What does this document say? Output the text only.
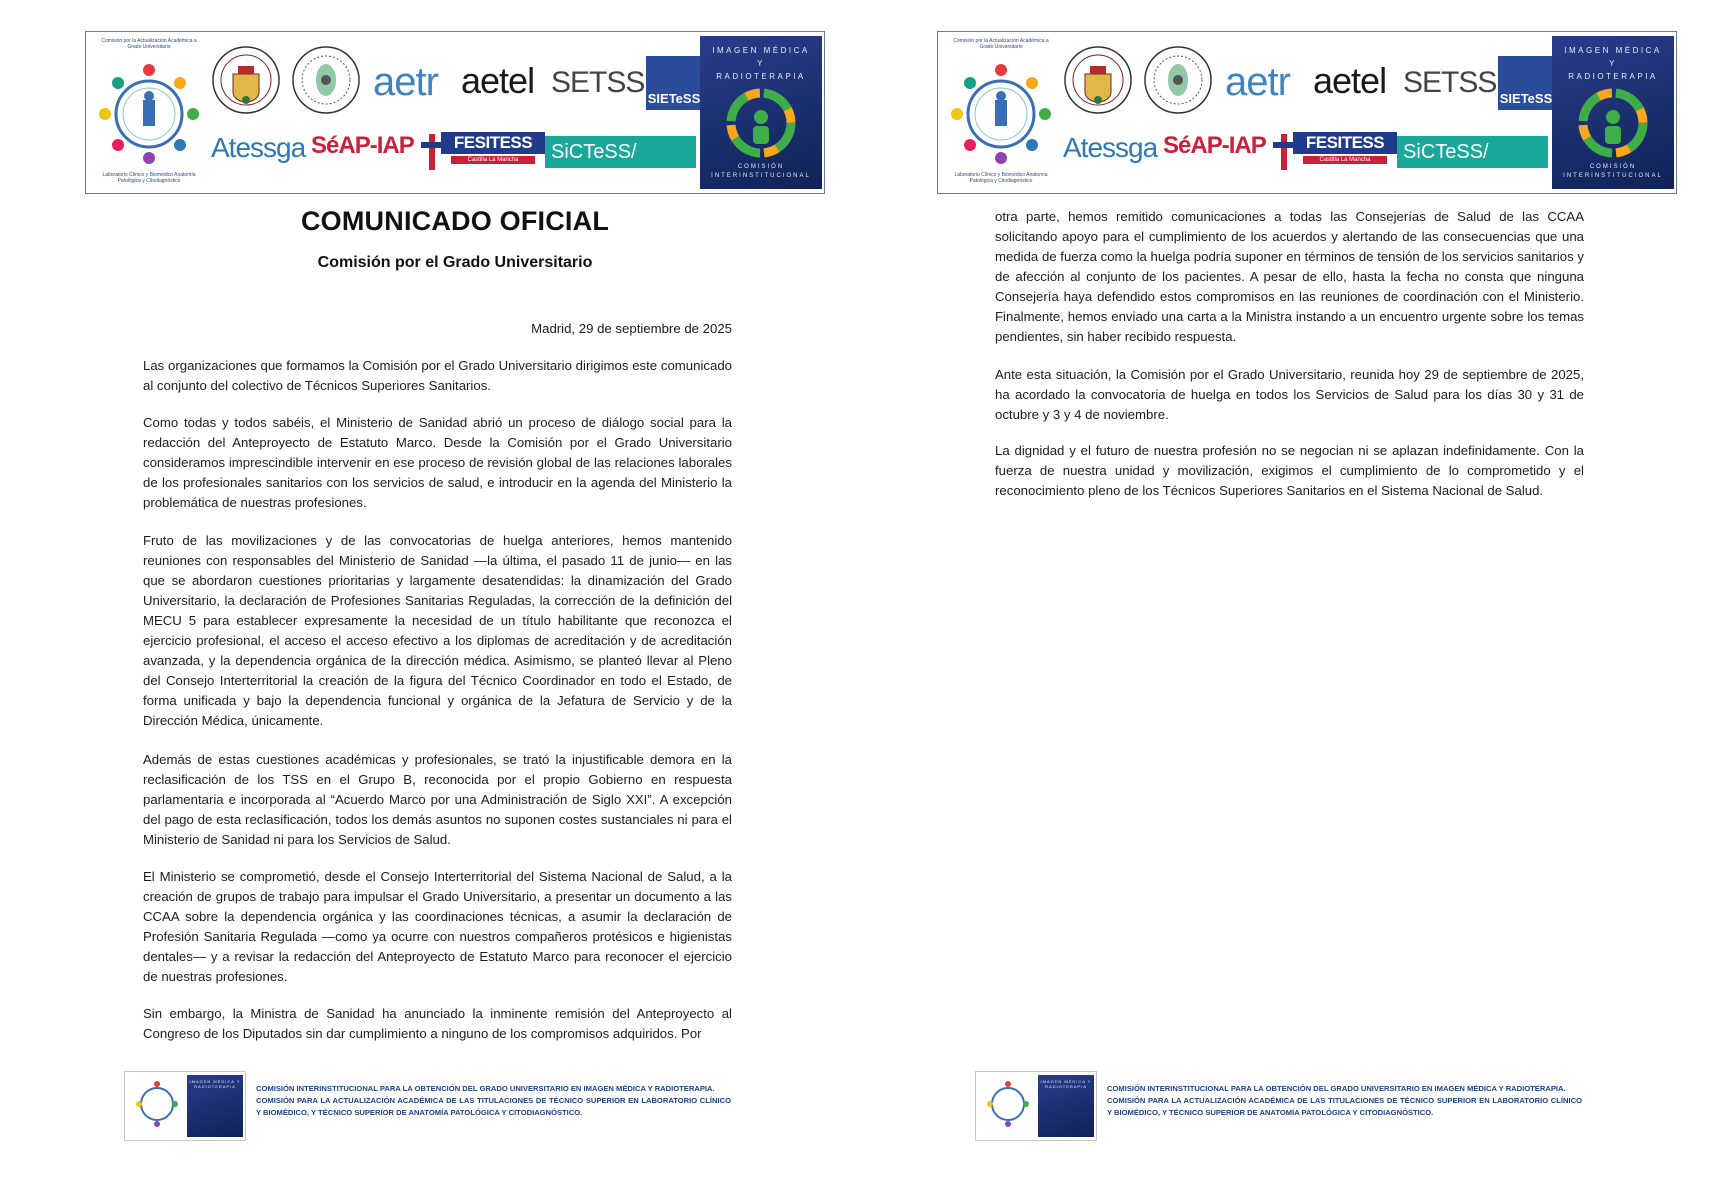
Comisión por la Actualización Académica a Grado Universitario
Laboratorio Clínico y Biomédico Anatomía Patológica y Citodiagnóstico
aetr aetel SETSS SIETeSS
Atessga SéAP-IAP	FESITESS
Castilla La Mancha	SiCTeSS/
IMAGEN MÉDICA
Y
RADIOTERAPIA
COMISIÓN
INTERINSTITUCIONAL
COMUNICADO OFICIAL
Comisión por el Grado Universitario
Madrid, 29 de septiembre de 2025

Las organizaciones que formamos la Comisión por el Grado Universitario dirigimos este comunicado al conjunto del colectivo de Técnicos Superiores Sanitarios.

Como todas y todos sabéis, el Ministerio de Sanidad abrió un proceso de diálogo social para la redacción del Anteproyecto de Estatuto Marco. Desde la Comisión por el Grado Universitario consideramos imprescindible intervenir en ese proceso de revisión global de las relaciones laborales de los profesionales sanitarios con los servicios de salud, e introducir en la agenda del Ministerio la problemática de nuestras profesiones.

Fruto de las movilizaciones y de las convocatorias de huelga anteriores, hemos mantenido reuniones con responsables del Ministerio de Sanidad —la última, el pasado 11 de junio— en las que se abordaron cuestiones prioritarias y largamente desatendidas: la dinamización del Grado Universitario, la declaración de Profesiones Sanitarias Reguladas, la corrección de la definición del MECU 5 para establecer expresamente la necesidad de un título habilitante que reconozca el ejercicio profesional, el acceso el acceso efectivo a los diplomas de acreditación y de acreditación avanzada, y la dependencia orgánica de la dirección médica. Asimismo, se planteó llevar al Pleno del Consejo Interterritorial la creación de la figura del Técnico Coordinador en todo el Estado, de forma unificada y bajo la dependencia funcional y orgánica de la Jefatura de Servicio y de la Dirección Médica, únicamente.

Además de estas cuestiones académicas y profesionales, se trató la injustificable demora en la reclasificación de los TSS en el Grupo B, reconocida por el propio Gobierno en respuesta parlamentaria e incorporada al “Acuerdo Marco por una Administración de Siglo XXI”. A excepción del pago de esta reclasificación, todos los demás asuntos no suponen costes sustanciales ni para el Ministerio de Sanidad ni para los Servicios de Salud.

El Ministerio se comprometió, desde el Consejo Interterritorial del Sistema Nacional de Salud, a la creación de grupos de trabajo para impulsar el Grado Universitario, a presentar un documento a las CCAA sobre la dependencia orgánica y las coordinaciones técnicas, a asumir la declaración de Profesión Sanitaria Regulada —como ya ocurre con nuestros compañeros protésicos e higienistas dentales— y a revisar la redacción del Anteproyecto de Estatuto Marco para reconocer el ejercicio de nuestras profesiones.

Sin embargo, la Ministra de Sanidad ha anunciado la inminente remisión del Anteproyecto al Congreso de los Diputados sin dar cumplimiento a ninguno de los compromisos adquiridos. Por

IMAGEN MÉDICA Y RADIOTERAPIA	COMISIÓN INTERINSTITUCIONAL PARA LA OBTENCIÓN DEL GRADO UNIVERSITARIO EN IMAGEN MÉDICA Y RADIOTERAPIA.

COMISIÓN PARA LA ACTUALIZACIÓN ACADÉMICA DE LAS TITULACIONES DE TÉCNICO SUPERIOR EN LABORATORIO CLÍNICO Y BIOMÉDICO, Y TÉCNICO SUPERIOR DE ANATOMÍA PATOLÓGICA Y CITODIAGNÓSTICO.

Comisión por la Actualización Académica a Grado Universitario
Laboratorio Clínico y Biomédico Anatomía Patológica y Citodiagnóstico
aetr aetel SETSS SIETeSS
Atessga SéAP-IAP	FESITESS
Castilla La Mancha	SiCTeSS/
IMAGEN MÉDICA
Y
RADIOTERAPIA
COMISIÓN
INTERINSTITUCIONAL

otra parte, hemos remitido comunicaciones a todas las Consejerías de Salud de las CCAA solicitando apoyo para el cumplimiento de los acuerdos y alertando de las consecuencias que una medida de fuerza como la huelga podría suponer en términos de tensión de los servicios sanitarios y de afección al conjunto de los pacientes. A pesar de ello, hasta la fecha no consta que ninguna Consejería haya defendido estos compromisos en las reuniones de coordinación con el Ministerio. Finalmente, hemos enviado una carta a la Ministra instando a un encuentro urgente sobre los temas pendientes, sin haber recibido respuesta.

Ante esta situación, la Comisión por el Grado Universitario, reunida hoy 29 de septiembre de 2025, ha acordado la convocatoria de huelga en todos los Servicios de Salud para los días 30 y 31 de octubre y 3 y 4 de noviembre.

La dignidad y el futuro de nuestra profesión no se negocian ni se aplazan indefinidamente. Con la fuerza de nuestra unidad y movilización, exigimos el cumplimiento de lo comprometido y el reconocimiento pleno de los Técnicos Superiores Sanitarios en el Sistema Nacional de Salud.

IMAGEN MÉDICA Y RADIOTERAPIA	COMISIÓN INTERINSTITUCIONAL PARA LA OBTENCIÓN DEL GRADO UNIVERSITARIO EN IMAGEN MÉDICA Y RADIOTERAPIA.

COMISIÓN PARA LA ACTUALIZACIÓN ACADÉMICA DE LAS TITULACIONES DE TÉCNICO SUPERIOR EN LABORATORIO CLÍNICO Y BIOMÉDICO, Y TÉCNICO SUPERIOR DE ANATOMÍA PATOLÓGICA Y CITODIAGNÓSTICO.
